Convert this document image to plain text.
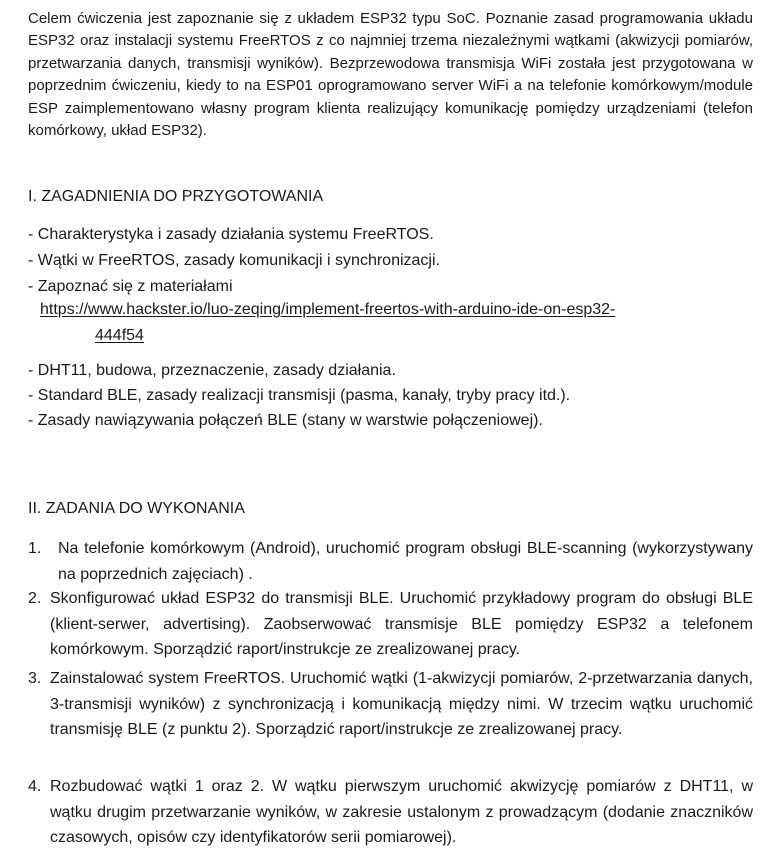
Celem ćwiczenia jest zapoznanie się z układem ESP32 typu SoC. Poznanie zasad programowania układu ESP32 oraz instalacji systemu FreeRTOS z co najmniej trzema niezależnymi wątkami (akwizycji pomiarów, przetwarzania danych, transmisji wyników). Bezprzewodowa transmisja WiFi została jest przygotowana w poprzednim ćwiczeniu, kiedy to na ESP01 oprogramowano server WiFi a na telefonie komórkowym/module ESP zaimplementowano własny program klienta realizujący komunikację pomiędzy urządzeniami (telefon komórkowy, układ ESP32).

I. ZAGADNIENIA DO PRZYGOTOWANIA

- Charakterystyka i zasady działania systemu FreeRTOS.

- Wątki w FreeRTOS, zasady komunikacji i synchronizacji.

- Zapoznać się z materiałami

https://www.hackster.io/luo-zeqing/implement-freertos-with-arduino-ide-on-esp32-
444f54

- DHT11, budowa, przeznaczenie, zasady działania.

- Standard BLE, zasady realizacji transmisji (pasma, kanały, tryby pracy itd.).

- Zasady nawiązywania połączeń BLE (stany w warstwie połączeniowej).

II. ZADANIA DO WYKONANIA

1.	Na telefonie komórkowym (Android), uruchomić program obsługi BLE-scanning (wykorzystywany na poprzednich zajęciach) .
2. Skonfigurować układ ESP32 do transmisji BLE. Uruchomić przykładowy program do obsługi BLE (klient-serwer, advertising). Zaobserwować transmisje BLE pomiędzy ESP32 a telefonem komórkowym. Sporządzić raport/instrukcje ze zrealizowanej pracy.
3. Zainstalować system FreeRTOS. Uruchomić wątki (1-akwizycji pomiarów, 2-przetwarzania danych, 3-transmisji wyników) z synchronizacją i komunikacją między nimi. W trzecim wątku uruchomić transmisję BLE (z punktu 2). Sporządzić raport/instrukcje ze zrealizowanej pracy.
4. Rozbudować wątki 1 oraz 2. W wątku pierwszym uruchomić akwizycję pomiarów z DHT11, w wątku drugim przetwarzanie wyników, w zakresie ustalonym z prowadzącym (dodanie znaczników czasowych, opisów czy identyfikatorów serii pomiarowej).
